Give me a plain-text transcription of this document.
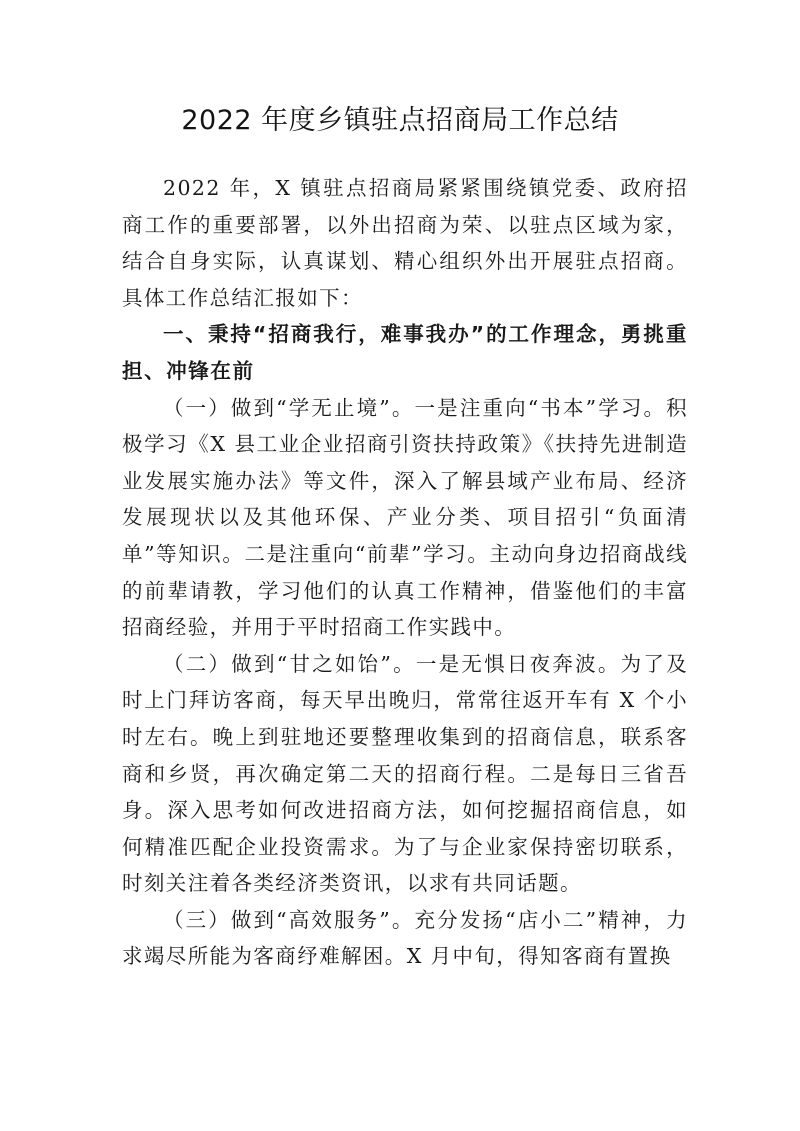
2022 年度乡镇驻点招商局工作总结

2022 年，X 镇驻点招商局紧紧围绕镇党委、政府招商工作的重要部署，以外出招商为荣、以驻点区域为家，结合自身实际，认真谋划、精心组织外出开展驻点招商。具体工作总结汇报如下：

一、秉持“招商我行，难事我办”的工作理念，勇挑重担、冲锋在前

（一）做到“学无止境”。一是注重向“书本”学习。积极学习《X 县工业企业招商引资扶持政策》《扶持先进制造业发展实施办法》等文件，深入了解县域产业布局、经济发展现状以及其他环保、产业分类、项目招引“负面清单”等知识。二是注重向“前辈”学习。主动向身边招商战线的前辈请教，学习他们的认真工作精神，借鉴他们的丰富招商经验，并用于平时招商工作实践中。

（二）做到“甘之如饴”。一是无惧日夜奔波。为了及时上门拜访客商，每天早出晚归，常常往返开车有 X 个小时左右。晚上到驻地还要整理收集到的招商信息，联系客商和乡贤，再次确定第二天的招商行程。二是每日三省吾身。深入思考如何改进招商方法，如何挖掘招商信息，如何精准匹配企业投资需求。为了与企业家保持密切联系，时刻关注着各类经济类资讯，以求有共同话题。

（三）做到“高效服务”。充分发扬“店小二”精神，力求竭尽所能为客商纾难解困。X 月中旬，得知客商有置换
